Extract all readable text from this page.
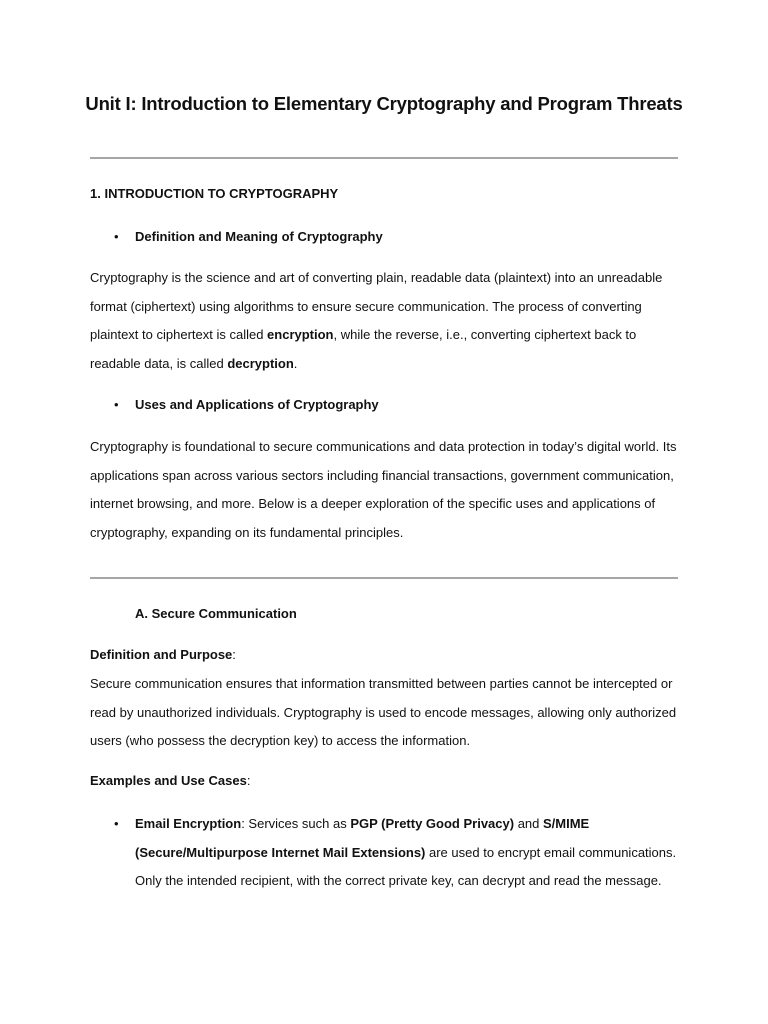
Unit I: Introduction to Elementary Cryptography and Program Threats
1. INTRODUCTION TO CRYPTOGRAPHY
• Definition and Meaning of Cryptography

Cryptography is the science and art of converting plain, readable data (plaintext) into an unreadable format (ciphertext) using algorithms to ensure secure communication. The process of converting plaintext to ciphertext is called encryption, while the reverse, i.e., converting ciphertext back to readable data, is called decryption.

• Uses and Applications of Cryptography

Cryptography is foundational to secure communications and data protection in today’s digital world. Its applications span across various sectors including financial transactions, government communication, internet browsing, and more. Below is a deeper exploration of the specific uses and applications of cryptography, expanding on its fundamental principles.

A. Secure Communication

Definition and Purpose:

Secure communication ensures that information transmitted between parties cannot be intercepted or read by unauthorized individuals. Cryptography is used to encode messages, allowing only authorized users (who possess the decryption key) to access the information.

Examples and Use Cases:

• Email Encryption: Services such as PGP (Pretty Good Privacy) and S/MIME (Secure/Multipurpose Internet Mail Extensions) are used to encrypt email communications. Only the intended recipient, with the correct private key, can decrypt and read the message.
